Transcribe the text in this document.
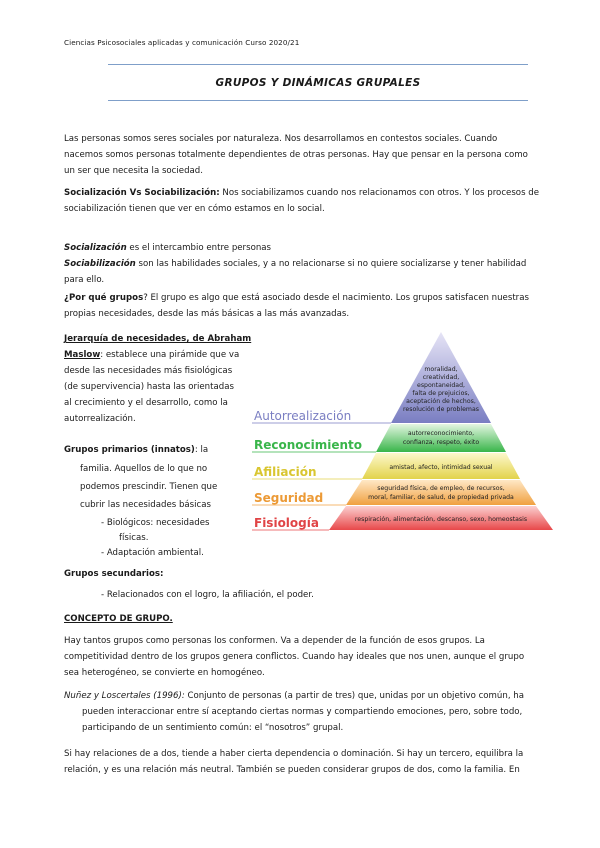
Ciencias Psicosociales aplicadas y comunicación Curso 2020/21
GRUPOS Y DINÁMICAS GRUPALES
Las personas somos seres sociales por naturaleza. Nos desarrollamos en contestos sociales. Cuando
nacemos somos personas totalmente dependientes de otras personas. Hay que pensar en la persona como
un ser que necesita la sociedad.
Socialización Vs Sociabilización: Nos sociabilizamos cuando nos relacionamos con otros. Y los procesos de
sociabilización tienen que ver en cómo estamos en lo social.
Socialización es el intercambio entre personas
Sociabilización son las habilidades sociales, y a no relacionarse si no quiere socializarse y tener habilidad
para ello.
¿Por qué grupos? El grupo es algo que está asociado desde el nacimiento. Los grupos satisfacen nuestras
propias necesidades, desde las más básicas a las más avanzadas.
Jerarquía de necesidades, de Abraham
Maslow: establece una pirámide que va
desde las necesidades más fisiológicas
(de supervivencia) hasta las orientadas
al crecimiento y el desarrollo, como la
autorrealización.
Grupos primarios (innatos): la
familia. Aquellos de lo que no
podemos prescindir. Tienen que
cubrir las necesidades básicas
- Biológicos: necesidades
físicas.
- Adaptación ambiental.
Grupos secundarios:
- Relacionados con el logro, la afiliación, el poder.
CONCEPTO DE GRUPO.
Hay tantos grupos como personas los conformen. Va a depender de la función de esos grupos. La
competitividad dentro de los grupos genera conflictos. Cuando hay ideales que nos unen, aunque el grupo
sea heterogéneo, se convierte en homogéneo.
Nuñez y Loscertales (1996): Conjunto de personas (a partir de tres) que, unidas por un objetivo común, ha
pueden interaccionar entre sí aceptando ciertas normas y compartiendo emociones, pero, sobre todo,
participando de un sentimiento común: el “nosotros” grupal.
Si hay relaciones de a dos, tiende a haber cierta dependencia o dominación. Si hay un tercero, equilibra la
relación, y es una relación más neutral. También se pueden considerar grupos de dos, como la familia. En
Autorrealización
Reconocimiento
Afiliación
Seguridad
Fisiología
moralidad,
creatividad,
espontaneidad,
falta de prejuicios,
aceptación de hechos,
resolución de problemas
autorreconocimiento,
confianza, respeto, éxito
amistad, afecto, intimidad sexual
seguridad física, de empleo, de recursos,
moral, familiar, de salud, de propiedad privada
respiración, alimentación, descanso, sexo, homeostasis
